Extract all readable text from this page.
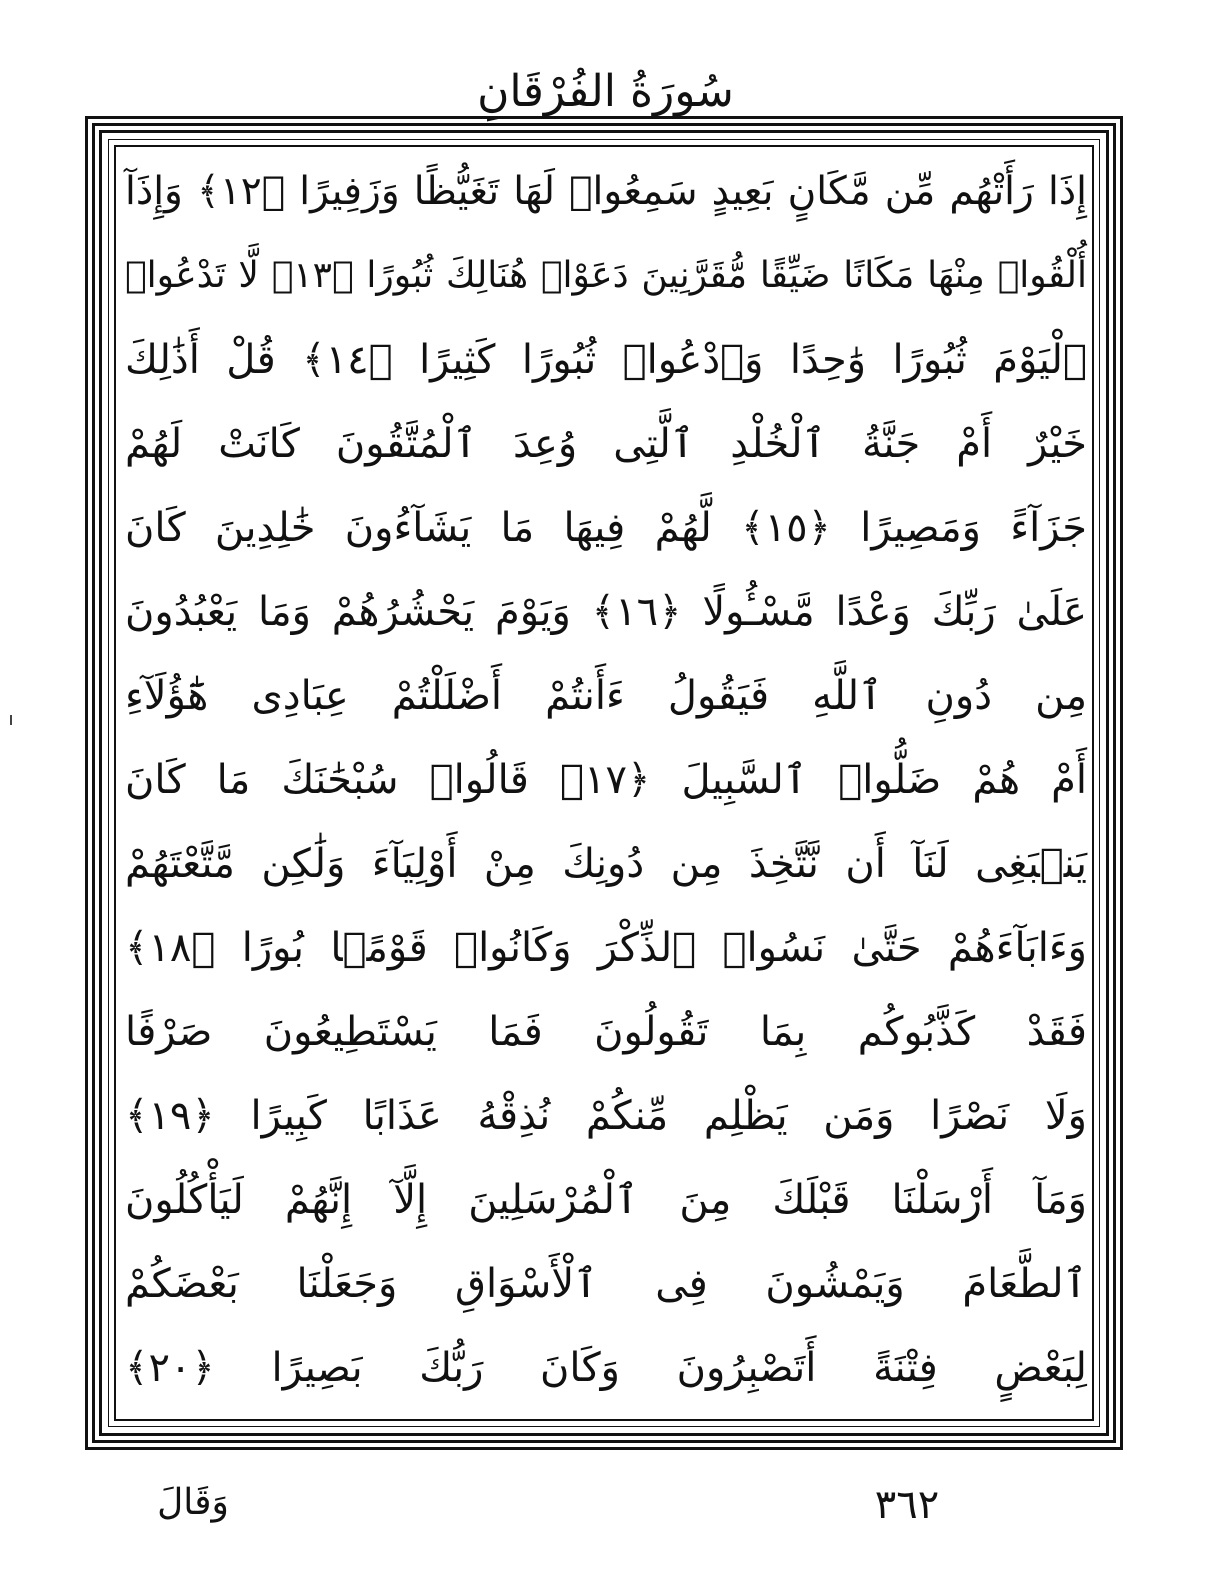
سُورَةُ الفُرْقَانِ
إِذَا رَأَتْهُم مِّن مَّكَانٍ بَعِيدٍ سَمِعُوا۟ لَهَا تَغَيُّظًا وَزَفِيرًا ﴿١٢﴾ وَإِذَآ
أُلْقُوا۟ مِنْهَا مَكَانًا ضَيِّقًا مُّقَرَّنِينَ دَعَوْا۟ هُنَالِكَ ثُبُورًا ﴿١٣﴾ لَّا تَدْعُوا۟
ٱلْيَوْمَ ثُبُورًا وَٰحِدًا وَٱدْعُوا۟ ثُبُورًا كَثِيرًا ﴿١٤﴾ قُلْ أَذَٰلِكَ
خَيْرٌ أَمْ جَنَّةُ ٱلْخُلْدِ ٱلَّتِى وُعِدَ ٱلْمُتَّقُونَ كَانَتْ لَهُمْ
جَزَآءً وَمَصِيرًا ﴿١٥﴾ لَّهُمْ فِيهَا مَا يَشَآءُونَ خَٰلِدِينَ كَانَ
عَلَىٰ رَبِّكَ وَعْدًا مَّسْـُٔولًا ﴿١٦﴾ وَيَوْمَ يَحْشُرُهُمْ وَمَا يَعْبُدُونَ
مِن دُونِ ٱللَّهِ فَيَقُولُ ءَأَنتُمْ أَضْلَلْتُمْ عِبَادِى هَٰٓؤُلَآءِ
أَمْ هُمْ ضَلُّوا۟ ٱلسَّبِيلَ ﴿١٧﴾ قَالُوا۟ سُبْحَٰنَكَ مَا كَانَ
يَنۢبَغِى لَنَآ أَن نَّتَّخِذَ مِن دُونِكَ مِنْ أَوْلِيَآءَ وَلَٰكِن مَّتَّعْتَهُمْ
وَءَابَآءَهُمْ حَتَّىٰ نَسُوا۟ ٱلذِّكْرَ وَكَانُوا۟ قَوْمًۢا بُورًا ﴿١٨﴾
فَقَدْ كَذَّبُوكُم بِمَا تَقُولُونَ فَمَا يَسْتَطِيعُونَ صَرْفًا
وَلَا نَصْرًا وَمَن يَظْلِم مِّنكُمْ نُذِقْهُ عَذَابًا كَبِيرًا ﴿١٩﴾
وَمَآ أَرْسَلْنَا قَبْلَكَ مِنَ ٱلْمُرْسَلِينَ إِلَّآ إِنَّهُمْ لَيَأْكُلُونَ
ٱلطَّعَامَ وَيَمْشُونَ فِى ٱلْأَسْوَاقِ وَجَعَلْنَا بَعْضَكُمْ
لِبَعْضٍ فِتْنَةً أَتَصْبِرُونَ وَكَانَ رَبُّكَ بَصِيرًا ﴿٢٠﴾
٣٦٢
وَقَالَ
